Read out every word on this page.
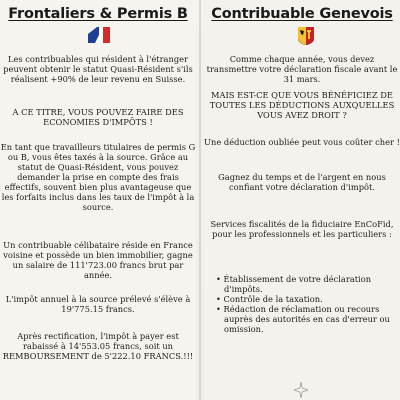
Frontaliers & Permis B

Les contribuables qui résident à l'étranger peuvent obtenir le statut Quasi-Résident s'ils réalisent +90% de leur revenu en Suisse.

A CE TITRE, VOUS POUVEZ FAIRE DES ECONOMIES D'IMPÔTS !

En tant que travailleurs titulaires de permis G ou B, vous êtes taxés à la source. Grâce au statut de Quasi-Résident, vous pouvez demander la prise en compte des frais effectifs, souvent bien plus avantageuse que les forfaits inclus dans les taux de l'impôt à la source.

Un contribuable célibataire réside en France voisine et possède un bien immobilier, gagne un salaire de 111'723.00 francs brut par année.

L'impôt annuel à la source prélevé s'élève à 19'775.15 francs.

Après rectification, l'impôt à payer est rabaissé à 14'553.05 francs, soit un REMBOURSEMENT de 5'222.10 FRANCS.!!!

Contribuable Genevois

Comme chaque année, vous devez transmettre votre déclaration fiscale avant le 31 mars.

MAIS EST-CE QUE VOUS BÉNÉFICIEZ DE TOUTES LES DÉDUCTIONS AUXQUELLES VOUS AVEZ DROIT ?

Une déduction oubliée peut vous coûter cher !

Gagnez du temps et de l'argent en nous confiant votre déclaration d'impôt.

Services fiscalités de la fiduciaire EnCoFid, pour les professionnels et les particuliers :

• Établissement de votre déclaration d'impôts.
• Contrôle de la taxation.
• Rédaction de réclamation ou recours auprès des autorités en cas d'erreur ou omission.
